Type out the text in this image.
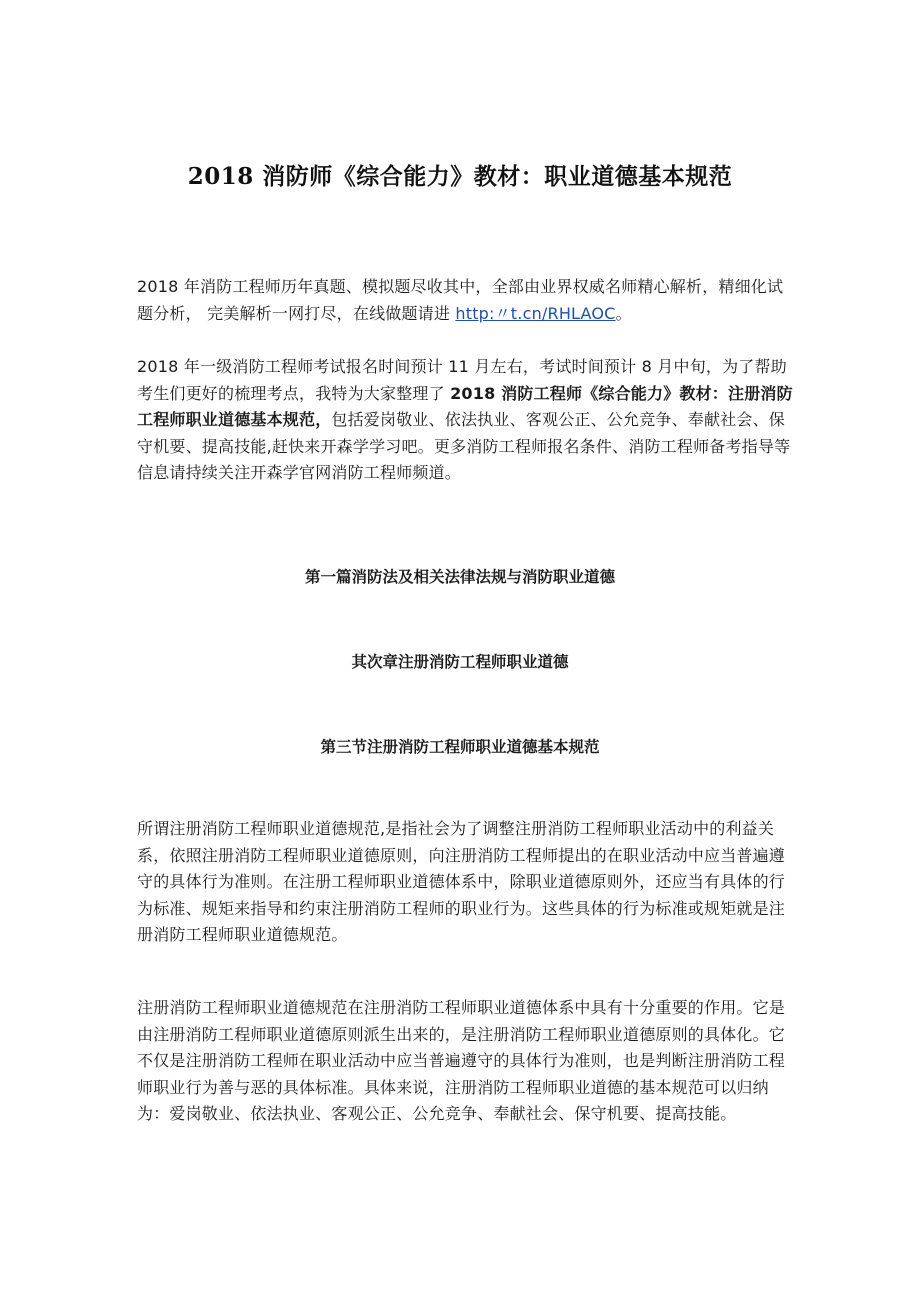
2018 消防师《综合能力》教材：职业道德基本规范

2018 年消防工程师历年真题、模拟题尽收其中，全部由业界权威名师精心解析，精细化试题分析， 完美解析一网打尽，在线做题请进 http:〃t.cn/RHLAOC。

2018 年一级消防工程师考试报名时间预计 11 月左右，考试时间预计 8 月中旬，为了帮助考生们更好的梳理考点，我特为大家整理了 2018 消防工程师《综合能力》教材：注册消防工程师职业道德基本规范，包括爱岗敬业、依法执业、客观公正、公允竞争、奉献社会、保守机要、提高技能,赶快来开森学学习吧。更多消防工程师报名条件、消防工程师备考指导等信息请持续关注开森学官网消防工程师频道。

第一篇消防法及相关法律法规与消防职业道德
其次章注册消防工程师职业道德
第三节注册消防工程师职业道德基本规范

所谓注册消防工程师职业道德规范,是指社会为了调整注册消防工程师职业活动中的利益关系，依照注册消防工程师职业道德原则，向注册消防工程师提出的在职业活动中应当普遍遵守的具体行为准则。在注册工程师职业道德体系中，除职业道德原则外，还应当有具体的行为标准、规矩来指导和约束注册消防工程师的职业行为。这些具体的行为标准或规矩就是注册消防工程师职业道德规范。

注册消防工程师职业道德规范在注册消防工程师职业道德体系中具有十分重要的作用。它是由注册消防工程师职业道德原则派生出来的，是注册消防工程师职业道德原则的具体化。它不仅是注册消防工程师在职业活动中应当普遍遵守的具体行为准则，也是判断注册消防工程师职业行为善与恶的具体标准。具体来说，注册消防工程师职业道德的基本规范可以归纳为：爱岗敬业、依法执业、客观公正、公允竞争、奉献社会、保守机要、提高技能。
